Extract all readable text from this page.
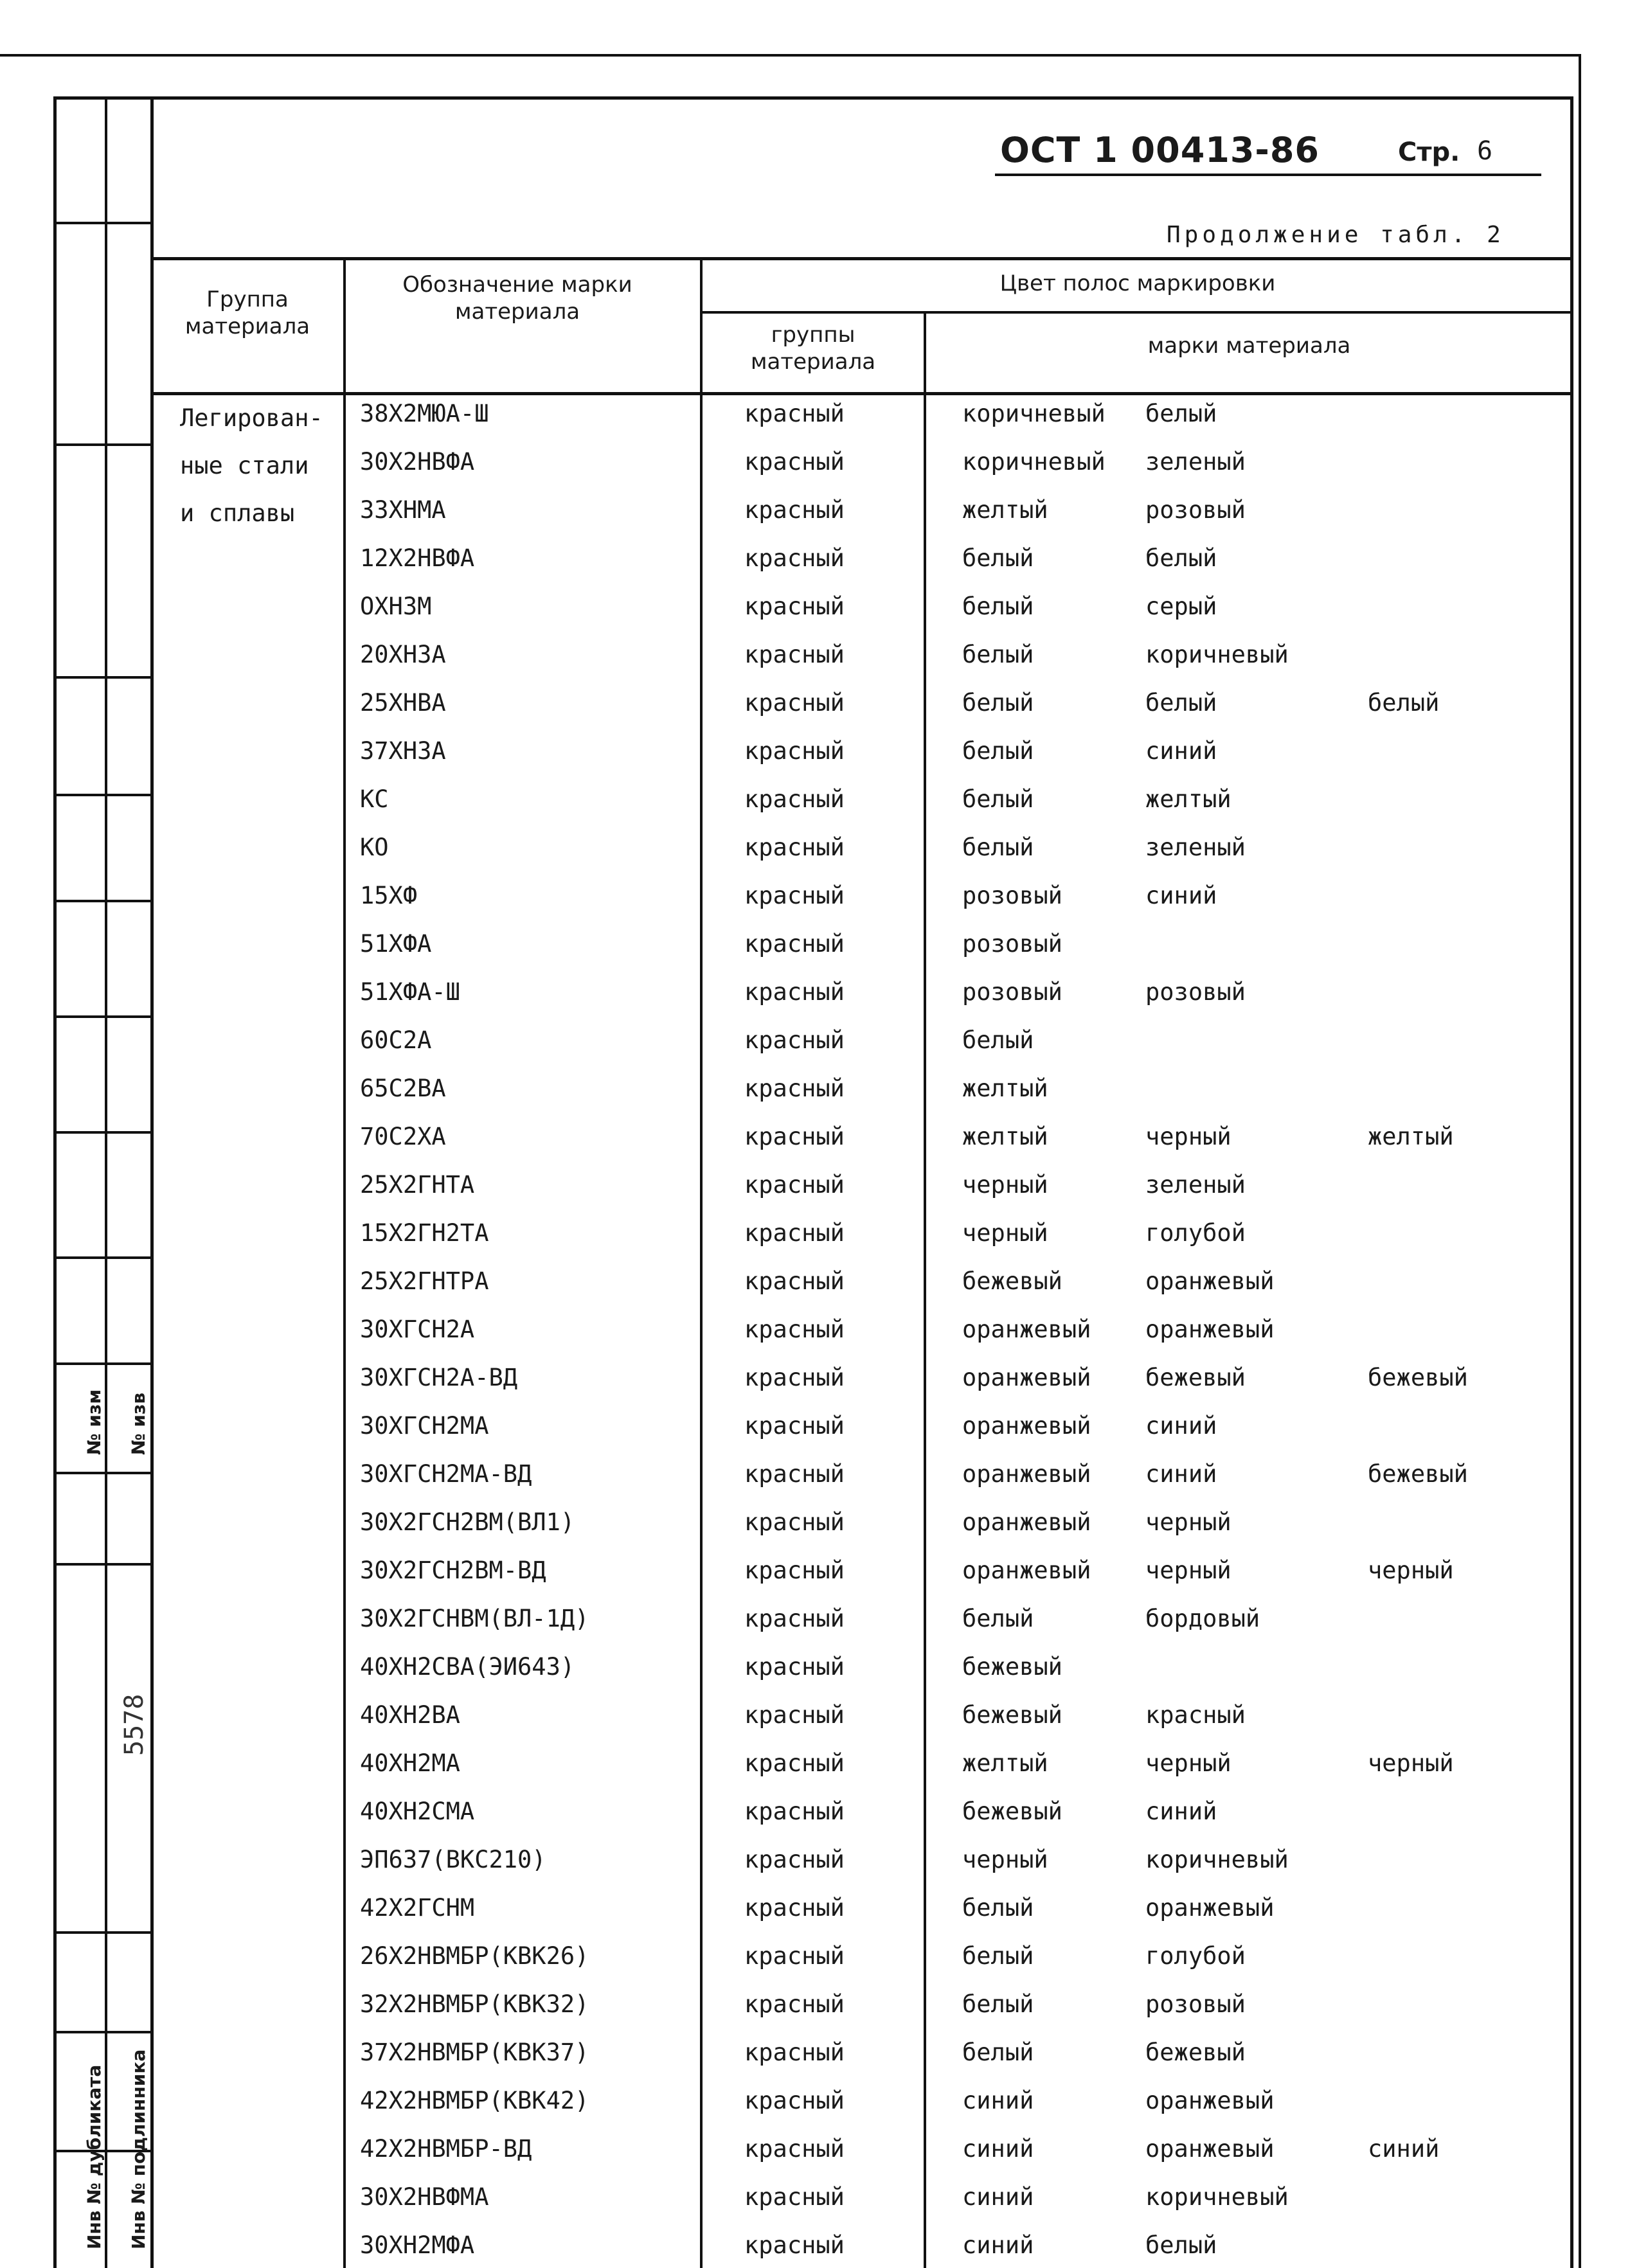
ОСТ 1 00413-86	Стр. 6
Продолжение табл. 2
Группа материала
Обозначение марки материала
Цвет полос маркировки
группы материала
марки материала
Легирован-
ные стали
и сплавы
38Х2МЮА-Ш	красный	коричневый белый
30Х2НВФА	красный	коричневый зеленый
33ХНМА	красный	желтый	розовый
12Х2НВФА	красный	белый	белый
ОХН3М	красный	белый	серый
20ХН3А	красный	белый	коричневый
25ХНВА	красный	белый	белый	белый
37ХН3А	красный	белый	синий
КС	красный	белый	желтый
КО	красный	белый	зеленый
15ХФ	красный	розовый	синий
51ХФА	красный	розовый
51ХФА-Ш	красный	розовый	розовый
60С2А	красный	белый
65С2ВА	красный	желтый
70С2ХА	красный	желтый	черный	желтый
25Х2ГНТА	красный	черный	зеленый
15Х2ГН2ТА	красный	черный	голубой
25Х2ГНТРА	красный	бежевый	оранжевый
30ХГСН2А	красный	оранжевый оранжевый
30ХГСН2А-ВД	красный	оранжевый бежевый	бежевый
30ХГСН2МА	красный	оранжевый синий
30ХГСН2МА-ВД	красный	оранжевый синий	бежевый
30Х2ГСН2ВМ(ВЛ1)	красный	оранжевый черный
30Х2ГСН2ВМ-ВД	красный	оранжевый черный	черный
30Х2ГСНВМ(ВЛ-1Д)	красный	белый	бордовый
40ХН2СВА(ЭИ643)	красный	бежевый
40ХН2ВА	красный	бежевый	красный
40ХН2МА	красный	желтый	черный	черный
40ХН2СМА	красный	бежевый	синий
ЭП637(ВКС210)	красный	черный	коричневый
42Х2ГСНМ	красный	белый	оранжевый
26Х2НВМБР(КВК26)	красный	белый	голубой
32Х2НВМБР(КВК32)	красный	белый	розовый
37Х2НВМБР(КВК37)	красный	белый	бежевый
42Х2НВМБР(КВК42)	красный	синий	оранжевый
42Х2НВМБР-ВД	красный	синий	оранжевый	синий
30Х2НВФМА	красный	синий	коричневый
30ХН2МФА	красный	синий	белый
№ изм № изв
5578
Инв № дубликата Инв № подлинника
